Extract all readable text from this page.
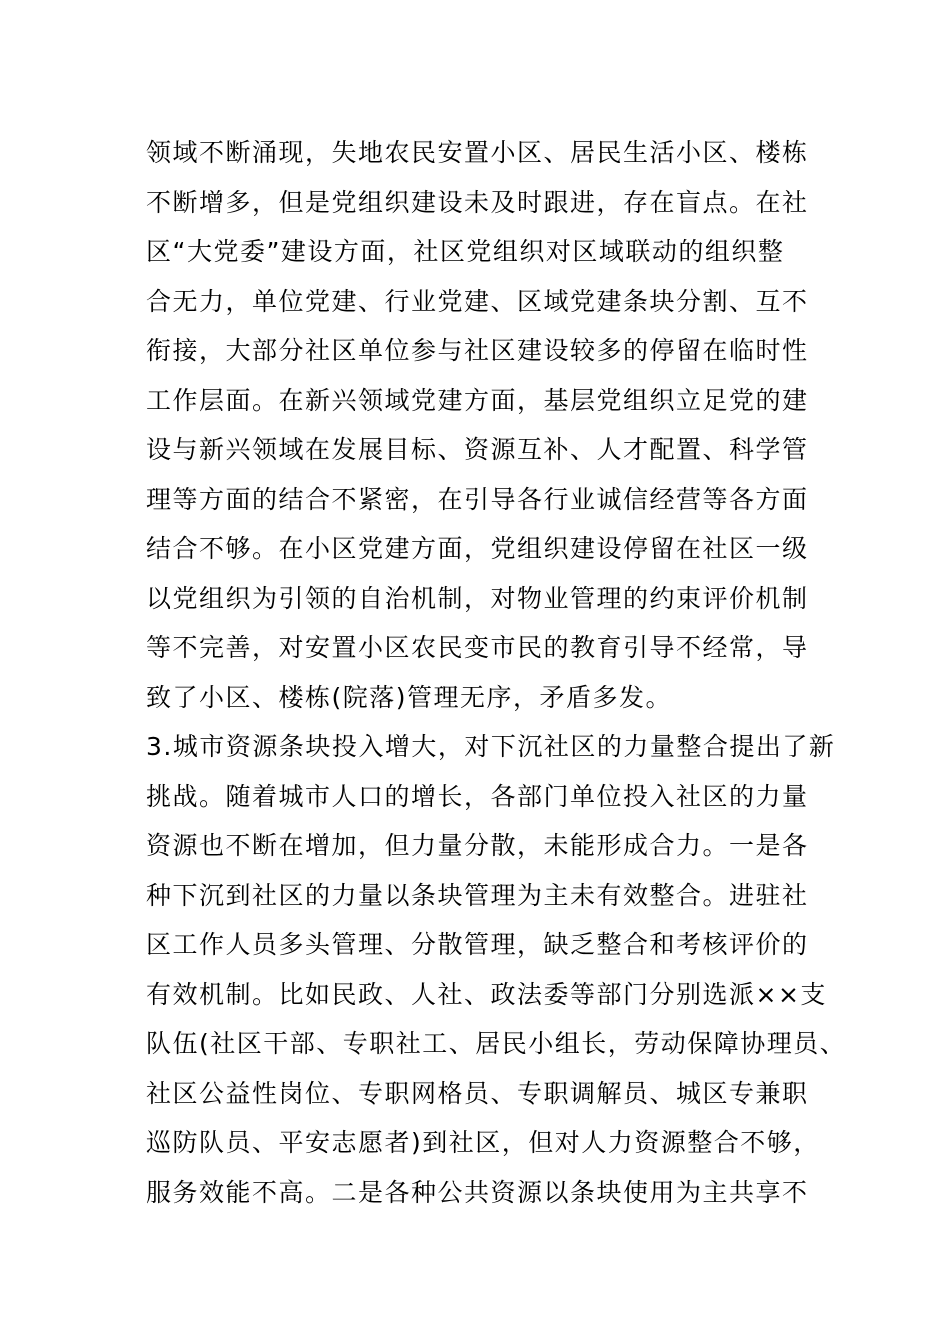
领域不断涌现，失地农民安置小区、居民生活小区、楼栋
不断增多，但是党组织建设未及时跟进，存在盲点。在社
区“大党委”建设方面，社区党组织对区域联动的组织整
合无力，单位党建、行业党建、区域党建条块分割、互不
衔接，大部分社区单位参与社区建设较多的停留在临时性
工作层面。在新兴领域党建方面，基层党组织立足党的建
设与新兴领域在发展目标、资源互补、人才配置、科学管
理等方面的结合不紧密，在引导各行业诚信经营等各方面
结合不够。在小区党建方面，党组织建设停留在社区一级
以党组织为引领的自治机制，对物业管理的约束评价机制
等不完善，对安置小区农民变市民的教育引导不经常，导
致了小区、楼栋(院落)管理无序，矛盾多发。
3.城市资源条块投入增大，对下沉社区的力量整合提出了新
挑战。随着城市人口的增长，各部门单位投入社区的力量
资源也不断在增加，但力量分散，未能形成合力。一是各
种下沉到社区的力量以条块管理为主未有效整合。进驻社
区工作人员多头管理、分散管理，缺乏整合和考核评价的
有效机制。比如民政、人社、政法委等部门分别选派××支
队伍(社区干部、专职社工、居民小组长，劳动保障协理员、
社区公益性岗位、专职网格员、专职调解员、城区专兼职
巡防队员、平安志愿者)到社区，但对人力资源整合不够，
服务效能不高。二是各种公共资源以条块使用为主共享不
